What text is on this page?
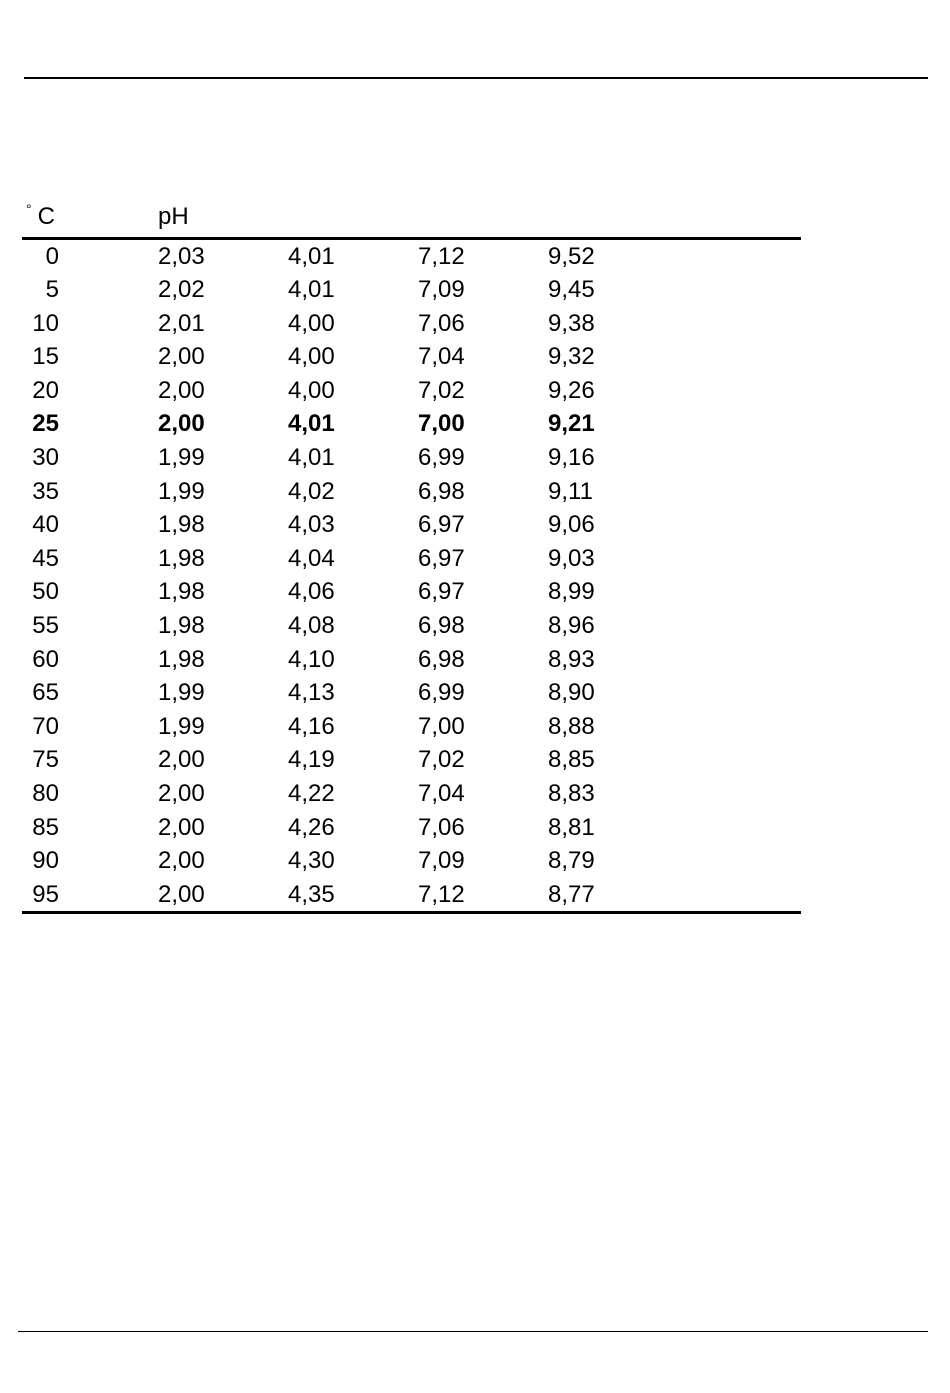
° C	pH				
0	2,03	4,01	7,12	9,52	
5	2,02	4,01	7,09	9,45	
10	2,01	4,00	7,06	9,38	
15	2,00	4,00	7,04	9,32	
20	2,00	4,00	7,02	9,26	
25	2,00	4,01	7,00	9,21	
30	1,99	4,01	6,99	9,16	
35	1,99	4,02	6,98	9,11	
40	1,98	4,03	6,97	9,06	
45	1,98	4,04	6,97	9,03	
50	1,98	4,06	6,97	8,99	
55	1,98	4,08	6,98	8,96	
60	1,98	4,10	6,98	8,93	
65	1,99	4,13	6,99	8,90	
70	1,99	4,16	7,00	8,88	
75	2,00	4,19	7,02	8,85	
80	2,00	4,22	7,04	8,83	
85	2,00	4,26	7,06	8,81	
90	2,00	4,30	7,09	8,79	
95	2,00	4,35	7,12	8,77	
